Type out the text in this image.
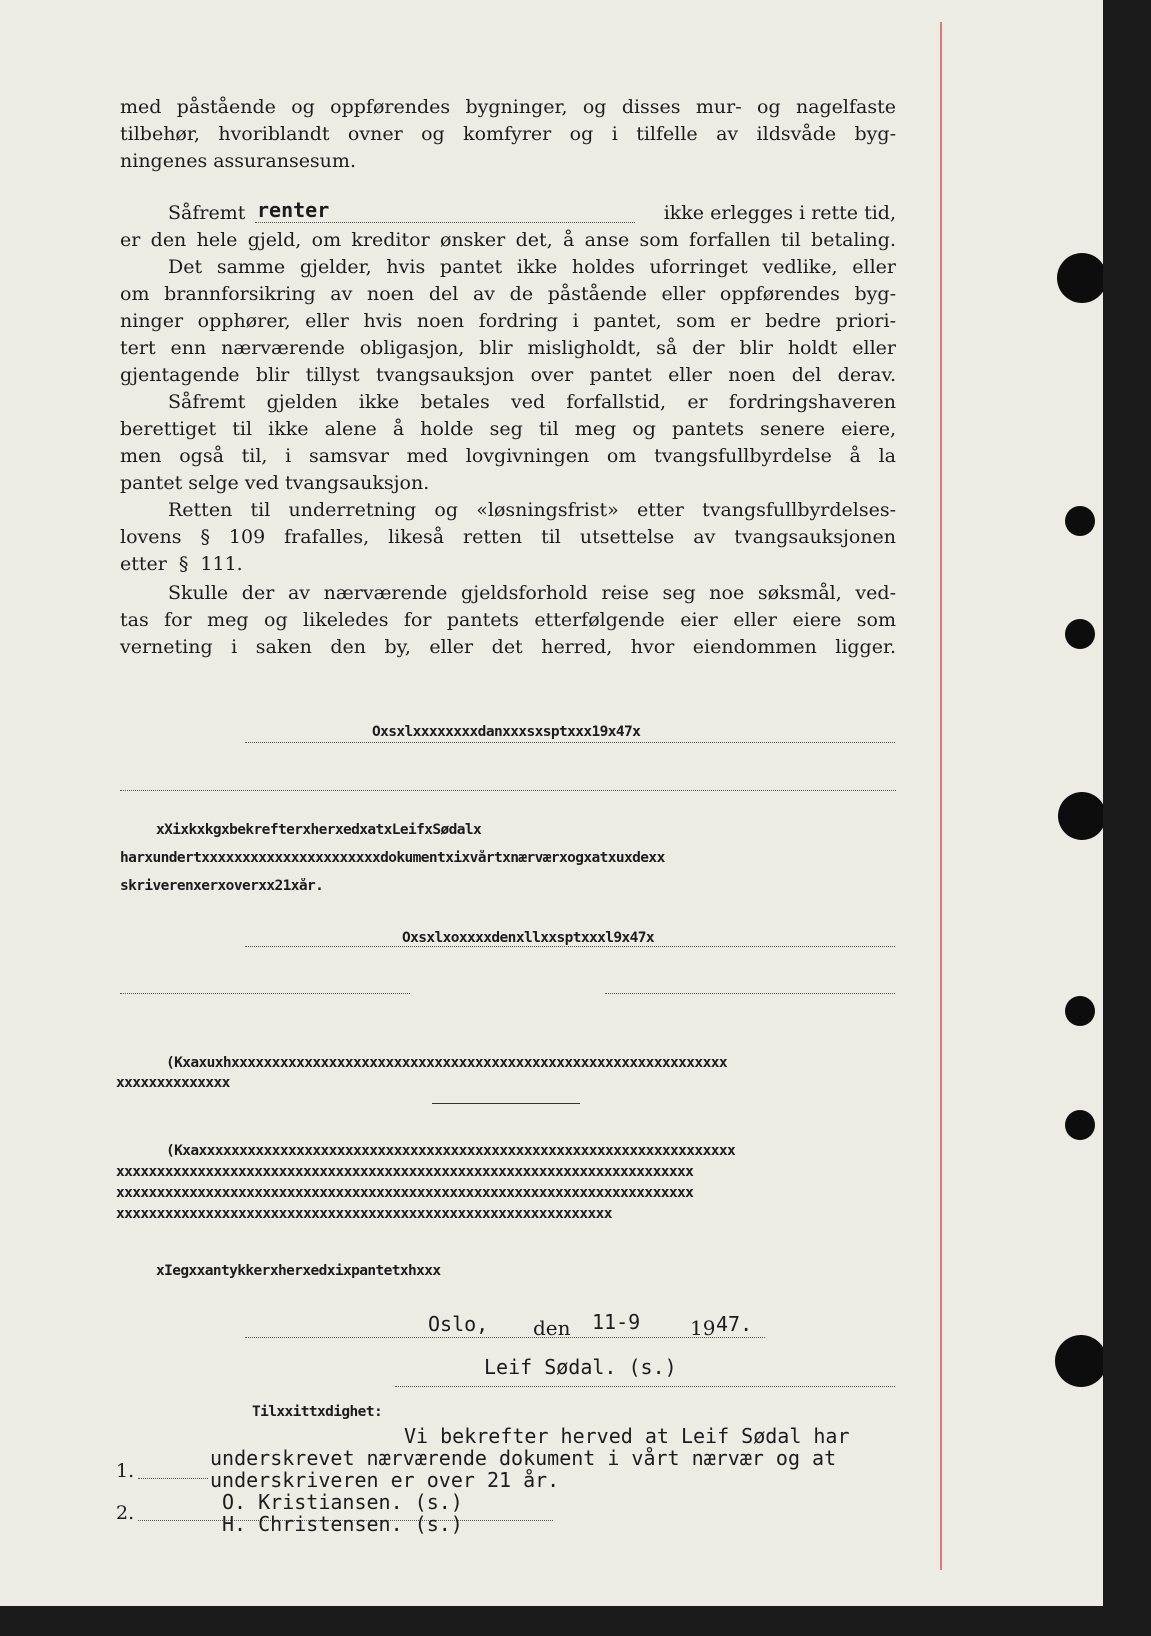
med påstående og oppførendes bygninger, og disses mur- og nagelfaste
tilbehør, hvoriblandt ovner og komfyrer og i tilfelle av ildsvåde byg-
ningenes assuransesum.
Såfremt renter	ikke erlegges i rette tid,
er den hele gjeld, om kreditor ønsker det, å anse som forfallen til betaling.
Det samme gjelder, hvis pantet ikke holdes uforringet vedlike, eller
om brannforsikring av noen del av de påstående eller oppførendes byg-
ninger opphører, eller hvis noen fordring i pantet, som er bedre priori-
tert enn nærværende obligasjon, blir misligholdt, så der blir holdt eller
gjentagende blir tillyst tvangsauksjon over pantet eller noen del derav.
Såfremt gjelden ikke betales ved forfallstid, er fordringshaveren
berettiget til ikke alene å holde seg til meg og pantets senere eiere,
men også til, i samsvar med lovgivningen om tvangsfullbyrdelse å la
pantet selge ved tvangsauksjon.
Retten til underretning og «løsningsfrist» etter tvangsfullbyrdelses-
lovens § 109 frafalles, likeså retten til utsettelse av tvangsauksjonen
etter § 111.
Skulle der av nærværende gjeldsforhold reise seg noe søksmål, ved-
tas for meg og likeledes for pantets etterfølgende eier eller eiere som
verneting i saken den by, eller det herred, hvor eiendommen ligger.
Oxsxlxxxxxxxxdanxxxsxsptxxx19x47x
xXixkxkgxbekrefterxherxedxatxLeifxSødalx
harxundertxxxxxxxxxxxxxxxxxxxxxxdokumentxixvårtxnærværxogxatxuxdexx
skriverenxerxoverxx21xår.
Oxsxlxoxxxxdenxllxxsptxxxl9x47x
(Kxaxuxhxxxxxxxxxxxxxxxxxxxxxxxxxxxxxxxxxxxxxxxxxxxxxxxxxxxxxxxxxxxxx
xxxxxxxxxxxxxx
(Kxaxxxxxxxxxxxxxxxxxxxxxxxxxxxxxxxxxxxxxxxxxxxxxxxxxxxxxxxxxxxxxxxxxx
xxxxxxxxxxxxxxxxxxxxxxxxxxxxxxxxxxxxxxxxxxxxxxxxxxxxxxxxxxxxxxxxxxxxxxx
xxxxxxxxxxxxxxxxxxxxxxxxxxxxxxxxxxxxxxxxxxxxxxxxxxxxxxxxxxxxxxxxxxxxxxx
xxxxxxxxxxxxxxxxxxxxxxxxxxxxxxxxxxxxxxxxxxxxxxxxxxxxxxxxxxxxx
xIegxxantykkerxherxedxixpantetxhxxx
Oslo, den 11-9 19 47.
Leif Sødal. (s.)
Tilxxittxdighet:
Vi bekrefter herved at Leif Sødal har
underskrevet nærværende dokument i vårt nærvær og at
underskriveren er over 21 år.
1.
2.	O. Kristiansen. (s.)
H. Christensen. (s.)
